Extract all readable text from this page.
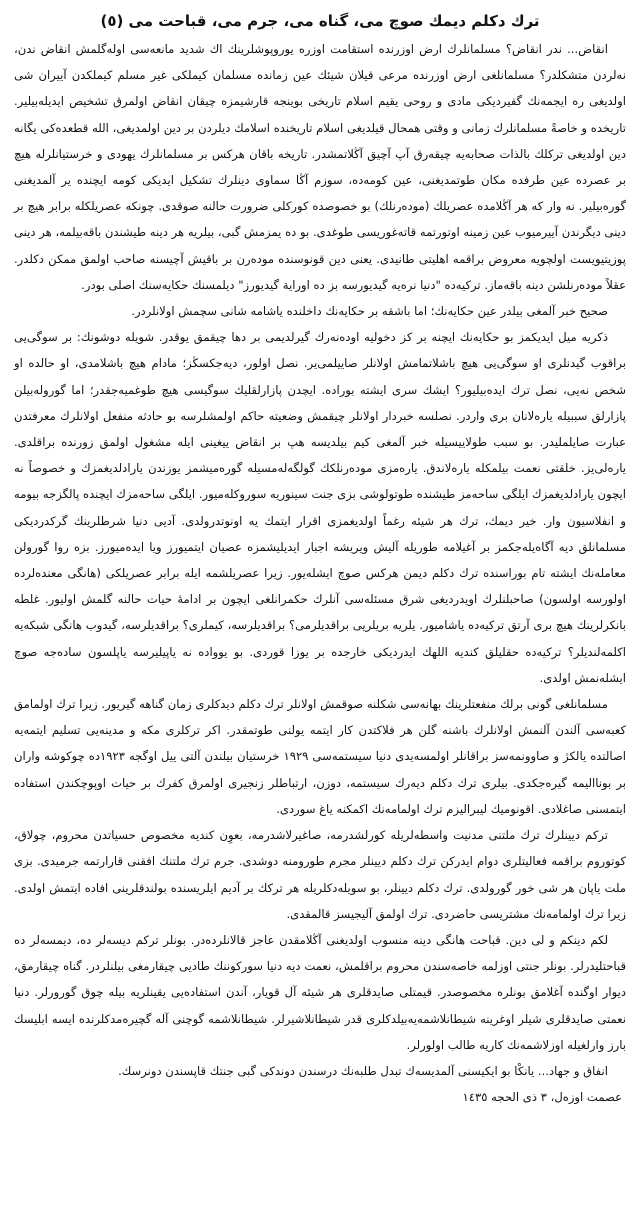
ترك دكلم ديمك صوچ می، گناه می، جرم می، قباحت می (٥)

انقاض... ندر انقاض؟ مسلمانلرك ارض اوزرنده استقامت اوزره يوروپوشلرينك اك شديد مانعه‌سی اوله‌گلمش انقاض ندن، نه‌لردن متشكلدر؟ مسلمانلغی ارض اوزرنده مرعی قيلان شيئك عين زمانده مسلمان كيملكی غير مسلم كيملكدن آييران شی اولديغی ره ايجمه‌نك گفيرديكی مادی و روحی يقيم اسلام تاريخی بوينجه قارشيمزه چيقان انقاض اولمرق تشخيص ايديله‌بيلير. تاريخده و خاصةً مسلمانلرك زمانی و وقتی همحال قيلديغی اسلام تاريخنده اسلامك ديلردن بر دين اولمديغی، الله قطعده‌كی يگانه دين اولديغی تركلك بالذات صحابه‌يه چيقه‌رق آپ آچيق آڭلاتمشدر. تاريخه باقان هركس بر مسلمانلرك يهودی و خرستيانلرله هيچ بر عصرده عين طرفده مكان طوتمديغنی، عين كومه‌ده، سوزم آڭا سماوی دينلرك تشكيل ايديكی كومه ايچنده ير آلمديغنی گوره‌بيلير. نه وار كه هر آڭلامده عصريلك (مودەرنلك) بو خصوصده كوركلی ضرورت حالنه صوقدی. چونكه عصريلكله برابر هيچ بر دينی ديگرندن آييرميوب عين زمينه اوتورتمه قاته‌غوريسی طوغدی. بو ده يمزمش گبی، بيلريه هر دينه طيشندن باقه‌بيلمه، هر دينی پوزيتيويست اولچويه معروض براقمه اهليتی طانيدی. يعنی دين قونوسنده مودەرن بر باقيش آچيسنه صاحب اولمق ممكن دكلدر. عقلاً مودەرنلشن دينه باقه‌ماز. تركيه‌ده "دنيا نره‌يه گيديورسه بز ده اوراية گيديورز" ديلمسنك حكايه‌سنك اصلی بودر.

صحيح خبر آلمغی بيلدر عين حكايه‌نك؛ اما باشقه بر حكايه‌نك داخلنده ياشامه شانی سچمش اولانلردر.

ذكريه ميل ايديكمز بو حكايه‌نك ايچنه بر كز دخوليه اودەنەرك گيرلديمی بر دها چيقمق يوقدر. شويله دوشونك: بر سوگی‌يی براقوب گيدنلری او سوگی‌يی هيچ باشلاتمامش اولانلر صاييلمی‌ير. نصل اولور، ديه‌جكسڭز؛ مادام هيچ باشلامدی، او حالده او شخص نه‌يی، نصل ترك ايده‌بيليور؟ ايشك سری ايشته بوراده. ايچدن پازارلقليك سوگيسی هيچ طوغميه‌جقدر؛ اما گوروله‌بيلن پازارلق سببيله ياره‌لانان بری واردر. نصلسه خبردار اولانلر چيقمش وضعيته حاكم اولمشلرسه بو حادثه منفعل اولانلرك معرفتدن عبارت صايلمليدر. بو سبب طولاييسيله خبر آلمغی كيم بيلديسه هپ بر انقاض ييغينی ايله مشغول اولمق زورنده براقلدی. يارەلی‌يز. خلقتی نعمت بيلمكله يارەلاندق. يارەمزی مودەرنلكك گولگه‌له‌مسيله گوره‌میشمز يوزندن يارادلديغمزك و خصوصاً نه ايچون يارادلديغمزك ايلگی ساحه‌مز طيشنده طوتولوشی بزی جنت سينوريه سوروكله‌ميور. ايلگی ساحه‌مزك ايچنده پالگزجه بيومه و انفلاسيون وار. خير ديمك، ترك هر شيئه رغماً اولديغمزی اقرار ايتمك يه اونوتدرولدی. آديی دنيا شرطلرينك گركدرديكی مسلمانلق ديه آگاه‌يله‌جكمز بر آغيلامه طوريله آليش ويريشه اجبار ايديلیشمزه عصيان ايتميورز ويا ايده‌ميورز. بزه روا گورولن معامله‌نك ايشته تام بوراسنده ترك دكلم ديمن هركس صوچ ايشله‌يور. زيرا عصريلشمه ايله برابر عصريلكی (هانگی معنده‌لرده اولورسه اولسون) صاحبلنلرك اويدرديغی شرق مسئله‌سی آنلرك حكمرانلغی ايچون بر ادامهٔ حيات حالنه گلمش اوليور. غلطه بانكرلرينك هيچ بری آرتق تركيه‌ده ياشاميور. يلريه بريلريی براقديلرمی؟ براقديلرسه، كيملری؟ براقديلرسه، گيدوب هانگی شبكه‌يه اكلمه‌لنديلر؟ تركيه‌ده حقليلق كنديه اللهك ايدرديكی خارجده بر يوزا قوردی. بو يوواده نه ياپيليرسه ياپلسون سادەجه صوچ ايشله‌نمش اولدی.

مسلمانلغی گونی برلك منفعتلرينك بهانه‌سی شكلنه صوقمش اولانلر ترك دكلم ديدكلری زمان گناهه گيريور. زيرا ترك اولمامق كعبه‌سی آلندن آلنمش اولانلرك باشنه گلن هر فلاكتدن كار ايتمه يولنی طوتمقدر. اكر تركلری مكه و مدينه‌يی تسليم ايتمه‌يه اصالتده يالكژ و صاوونمه‌سز براقانلر اولمسه‌يدی دنيا سيستمه‌سی ١٩٢٩ خرستيان بيلندن آلتی ييل اوگجه ١٩٢٣ده چوكوشه واران بر بونااليمه گيره‌جكدی. بيلری ترك دكلم ديه‌رك سيستمه، دوزن، ارتباطلر زنجيری اولمرق كفرك بر حيات اوپوچكندن استفاده ايتمسنی صاغلادی. اقونوميك ليبراليزم ترك اولمامه‌نك اكمكنه ياغ سوردی.

تركم ديينلرك ترك ملتنی مدنيت واسطه‌لريله كورلشدرمه، صاغيرلاشدرمه، بعوِن كنديه مخصوص حسياتدن محروم، چولاق، كوتوروم براقمه فعاليتلری دوام ايدركن ترك دكلم ديينلر مجرم طورومنه دوشدی. جرم ترك ملتنك افقنی قارارتمه جرميدی. بزی ملت ياپان هر شی خور گورولدی. ترك دكلم ديينلر، بو سويلەدكلريله هر تركك بر آديم ايلريسنده بولندقلرينی افاده ايتمش اولدی. زيرا ترك اولمامه‌نك مشتريسی حاضردی. ترك اولمق آليجيسز قالمقدی.

لكم دينكم و لی دين. قباحت هانگی دينه منسوب اولديغنی آڭلامقدن عاجز قالانلردەدر. بونلر تركم ديسه‌لر ده، ديمسه‌لر ده قباحتليدرلر. بونلر جنتی اوزلمه خاصه‌سندن محروم براقلمش، نعمت ديه دنيا سوركوننك طاديی چيقارمغی بيلنلردر. گناه چيقارمق، ديوار اوگنده آغلامق بونلره مخصوصدر. قيمتلی صايدقلری هر شيئه آل قويار، آندن استفاده‌يی يقينلريه بيله چوق گورورلر. دنيا نعمتی صايدقلری شيلر اوغرينه شيطانلاشمه‌يه‌بيلدكلری قدر شيطانلاشيرلر. شيطانلاشمه گوچنی آله گچيره‌مدكلرنده ايسه ابليسك بارز وارلغيله اوزلاشمه‌نك كاريه طالب اولورلر.

انفاق و جهاد... يانكْا بو ايكيسنی آلمديسه‌ك تبدل طلبه‌نك درسندن دوندكی گبی جنتك قاپسندن دونرسك.

عصمت اوزەل، ٣ ذی الحجه ١٤٣٥
